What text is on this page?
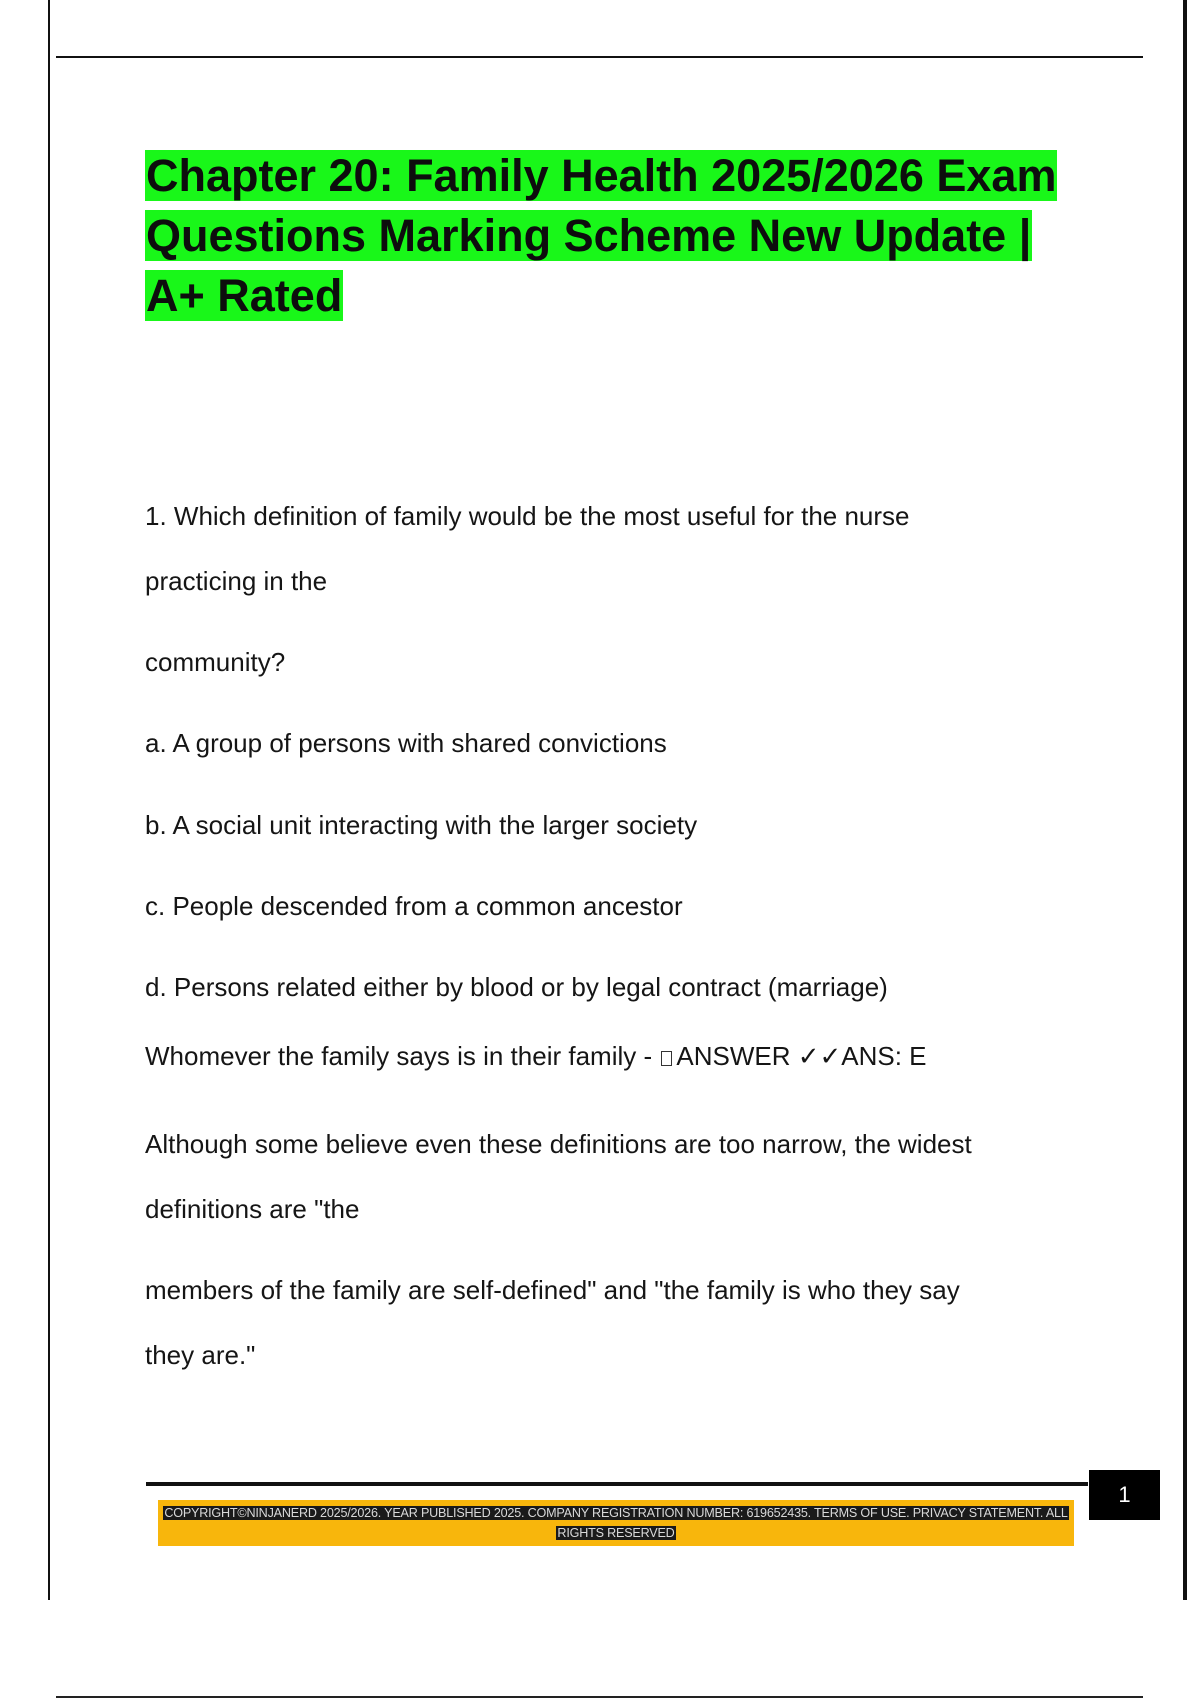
Chapter 20: Family Health 2025/2026 Exam Questions Marking Scheme New Update | A+ Rated

1. Which definition of family would be the most useful for the nurse

practicing in the

community?

a. A group of persons with shared convictions

b. A social unit interacting with the larger society

c. People descended from a common ancestor

d. Persons related either by blood or by legal contract (marriage)

Whomever the family says is in their family - ANSWER ✓✓ANS: E

Although some believe even these definitions are too narrow, the widest

definitions are "the

members of the family are self-defined" and "the family is who they say

they are."

1
COPYRIGHT©NINJANERD 2025/2026. YEAR PUBLISHED 2025. COMPANY REGISTRATION NUMBER: 619652435. TERMS OF USE. PRIVACY STATEMENT. ALL RIGHTS RESERVED
